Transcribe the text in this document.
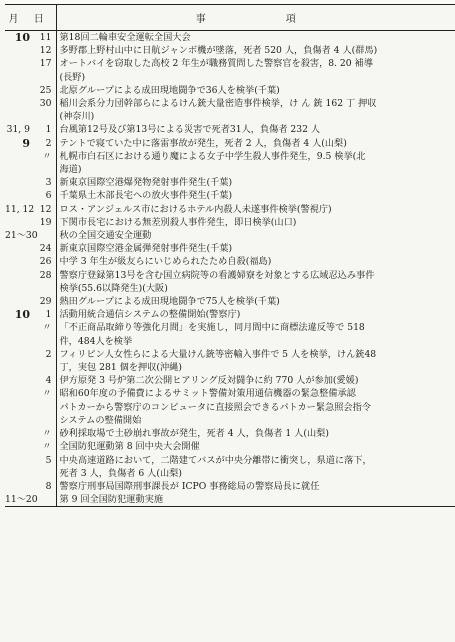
月	日	事項
10	11	第18回二輪車安全運転全国大会
	12	多野郡上野村山中に日航ジャンボ機が墜落，死者 520 人，負傷者 4 人(群馬)
	17	オートバイを窃取した高校 2 年生が職務質問した警察官を殺害，8. 20 補導
		(長野)
	25	北原グループによる成田現地闘争で36人を検挙(千葉)
	30	稲川会系分力団幹部らによるけん銃大量密造事件検挙，け ん 銃 162 丁 押収
		(神奈川)
31, 9	1	台風第12号及び第13号による災害で死者31人，負傷者 232 人
9	2	テントで寝ていた中に落雷事故が発生，死者 2 人，負傷者 4 人(山梨)
	〃	札幌市白石区における通り魔による女子中学生殺人事件発生，9.5 検挙(北
		海道)
	3	新東京国際空港爆発物発射事件発生(千葉)
	6	千葉県土木部長宅への放火事件発生(千葉)
11, 12	12	ロス・アンジェルス市におけるホテル内殺人未遂事件検挙(警視庁)
	19	下関市長宅における無差別殺人事件発生，即日検挙(山口)
21～30		秋の全国交通安全運動
	24	新東京国際空港金属弾発射事件発生(千葉)
	26	中学 3 年生が級友らにいじめられたため自殺(福島)
	28	警察庁登録第13号を含む国立病院等の看護婦寮を対象とする広域忍込み事件
		検挙(55.6以降発生)(大阪)
	29	熱田グループによる成田現地闘争で75人を検挙(千葉)
10	1	活動用統合通信システムの整備開始(警察庁)
	〃	「不正商品取締り等強化月間」を実施し，同月間中に商標法違反等で 518
		件，484人を検挙
	2	フィリピン人女性らによる大量けん銃等密輸入事件で 5 人を検挙，けん銃48
		丁，実包 281 個を押収(沖縄)
	4	伊方原発 3 号炉第二次公開ヒアリング反対闘争に約 770 人が参加(愛媛)
	〃	昭和60年度の予備費によるサミット警備対策用通信機器の緊急整備承認
		パトカーから警察庁のコンピュータに直接照会できるパトカー緊急照会指令
		システムの整備開始
	〃	砂利採取場で土砂崩れ事故が発生，死者 4 人，負傷者 1 人(山梨)
	〃	全国防犯運動第 8 回中央大会開催
	5	中央高速道路において，二階建てバスが中央分離帯に衝突し，県道に落下，
		死者 3 人，負傷者 6 人(山梨)
	8	警察庁刑事局国際刑事課長が ICPO 事務総局の警察局長に就任
11～20		第 9 回全国防犯運動実施
